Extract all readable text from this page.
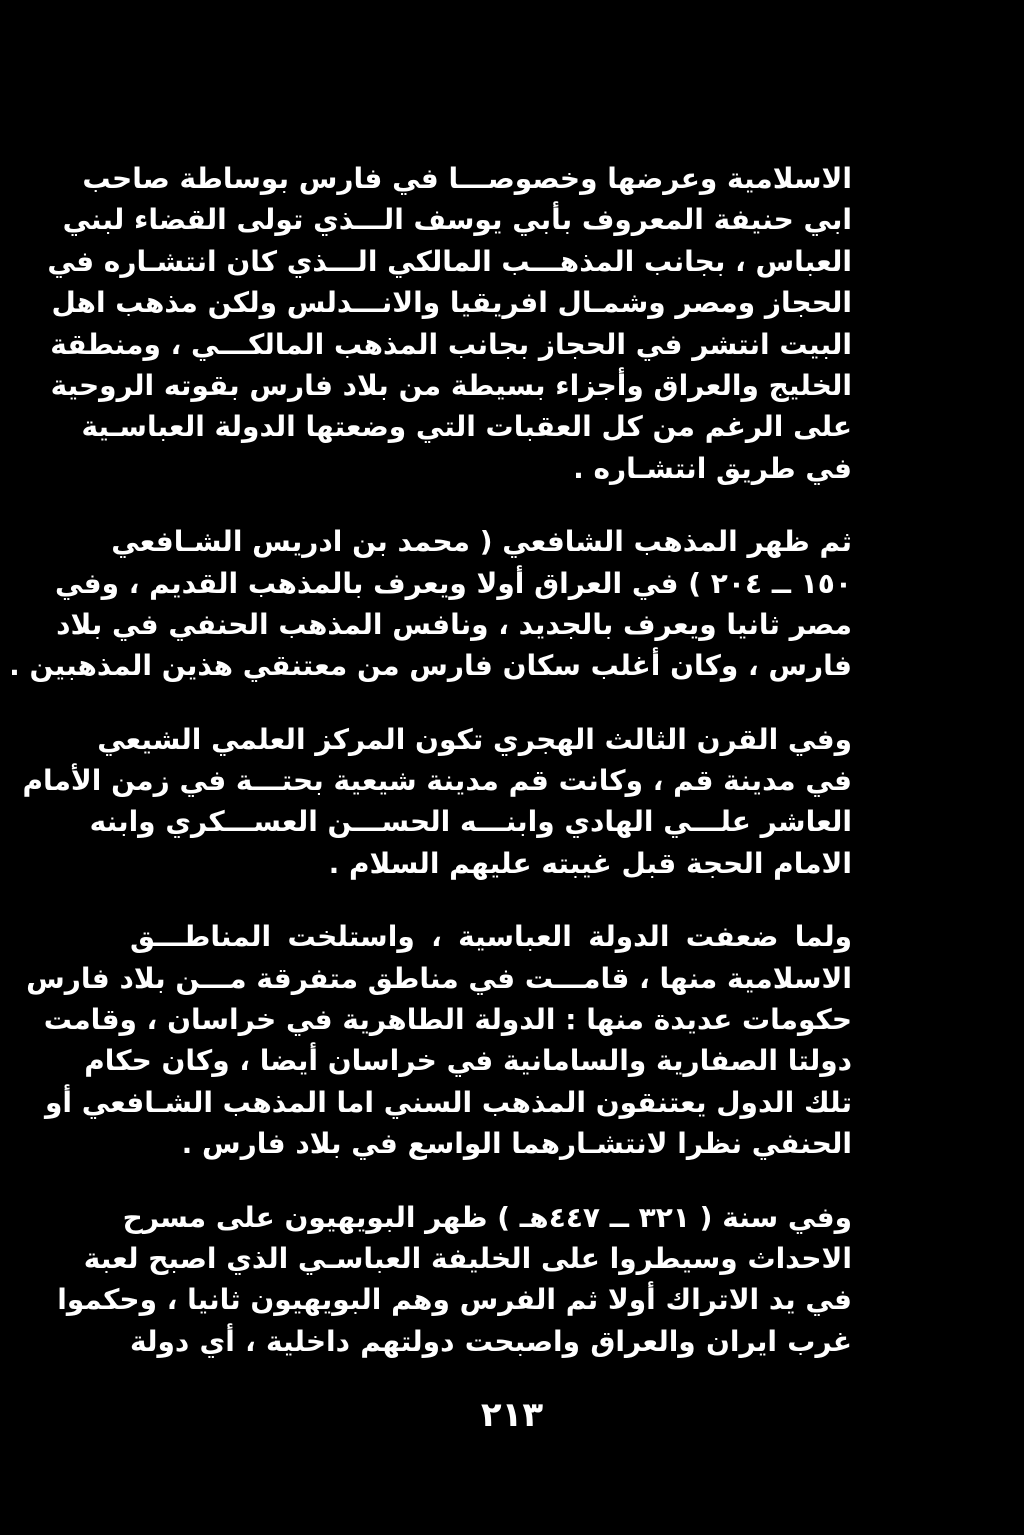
الاسلامية وعرضها وخصوصـــا في فارس بوساطة صاحب
ابي حنيفة المعروف بأبي يوسف الـــذي تولى القضاء لبني
العباس ، بجانب المذهـــب المالكي الـــذي كان انتشـاره في
الحجاز ومصر وشمـال افريقيا والانـــدلس ولكن مذهب اهل
البيت انتشر في الحجاز بجانب المذهب المالكـــي ، ومنطقة
الخليج والعراق وأجزاء بسيطة من بلاد فارس بقوته الروحية
على الرغم من كل العقبات التي وضعتها الدولة العباسـية
في طريق انتشـاره .
ثم ظهر المذهب الشافعي ( محمد بن ادريس الشـافعي
١٥٠ ــ ٢٠٤ ) في العراق أولا ويعرف بالمذهب القديم ، وفي
مصر ثانيا ويعرف بالجديد ، ونافس المذهب الحنفي في بلاد
فارس ، وكان أغلب سكان فارس من معتنقي هذين المذهبين .
وفي القرن الثالث الهجري تكون المركز العلمي الشيعي
في مدينة قم ، وكانت قم مدينة شيعية بحتـــة في زمن الأمام
العاشر علـــي الهادي وابنـــه الحســـن العســـكري وابنه
الامام الحجة قبل غيبته عليهم السلام .
ولما ضعفت الدولة العباسية ، واستلخت المناطـــق
الاسلامية منها ، قامـــت في مناطق متفرقة مـــن بلاد فارس
حكومات عديدة منها : الدولة الطاهرية في خراسان ، وقامت
دولتا الصفارية والسامانية في خراسان أيضا ، وكان حكام
تلك الدول يعتنقون المذهب السني اما المذهب الشـافعي أو
الحنفي نظرا لانتشـارهما الواسع في بلاد فارس .
وفي سنة ( ٣٢١ ــ ٤٤٧هـ ) ظهر البويهيون على مسرح
الاحداث وسيطروا على الخليفة العباسـي الذي اصبح لعبة
في يد الاتراك أولا ثم الفرس وهم البويهيون ثانيا ، وحكموا
غرب ايران والعراق واصبحت دولتهم داخلية ، أي دولة
٢١٣
